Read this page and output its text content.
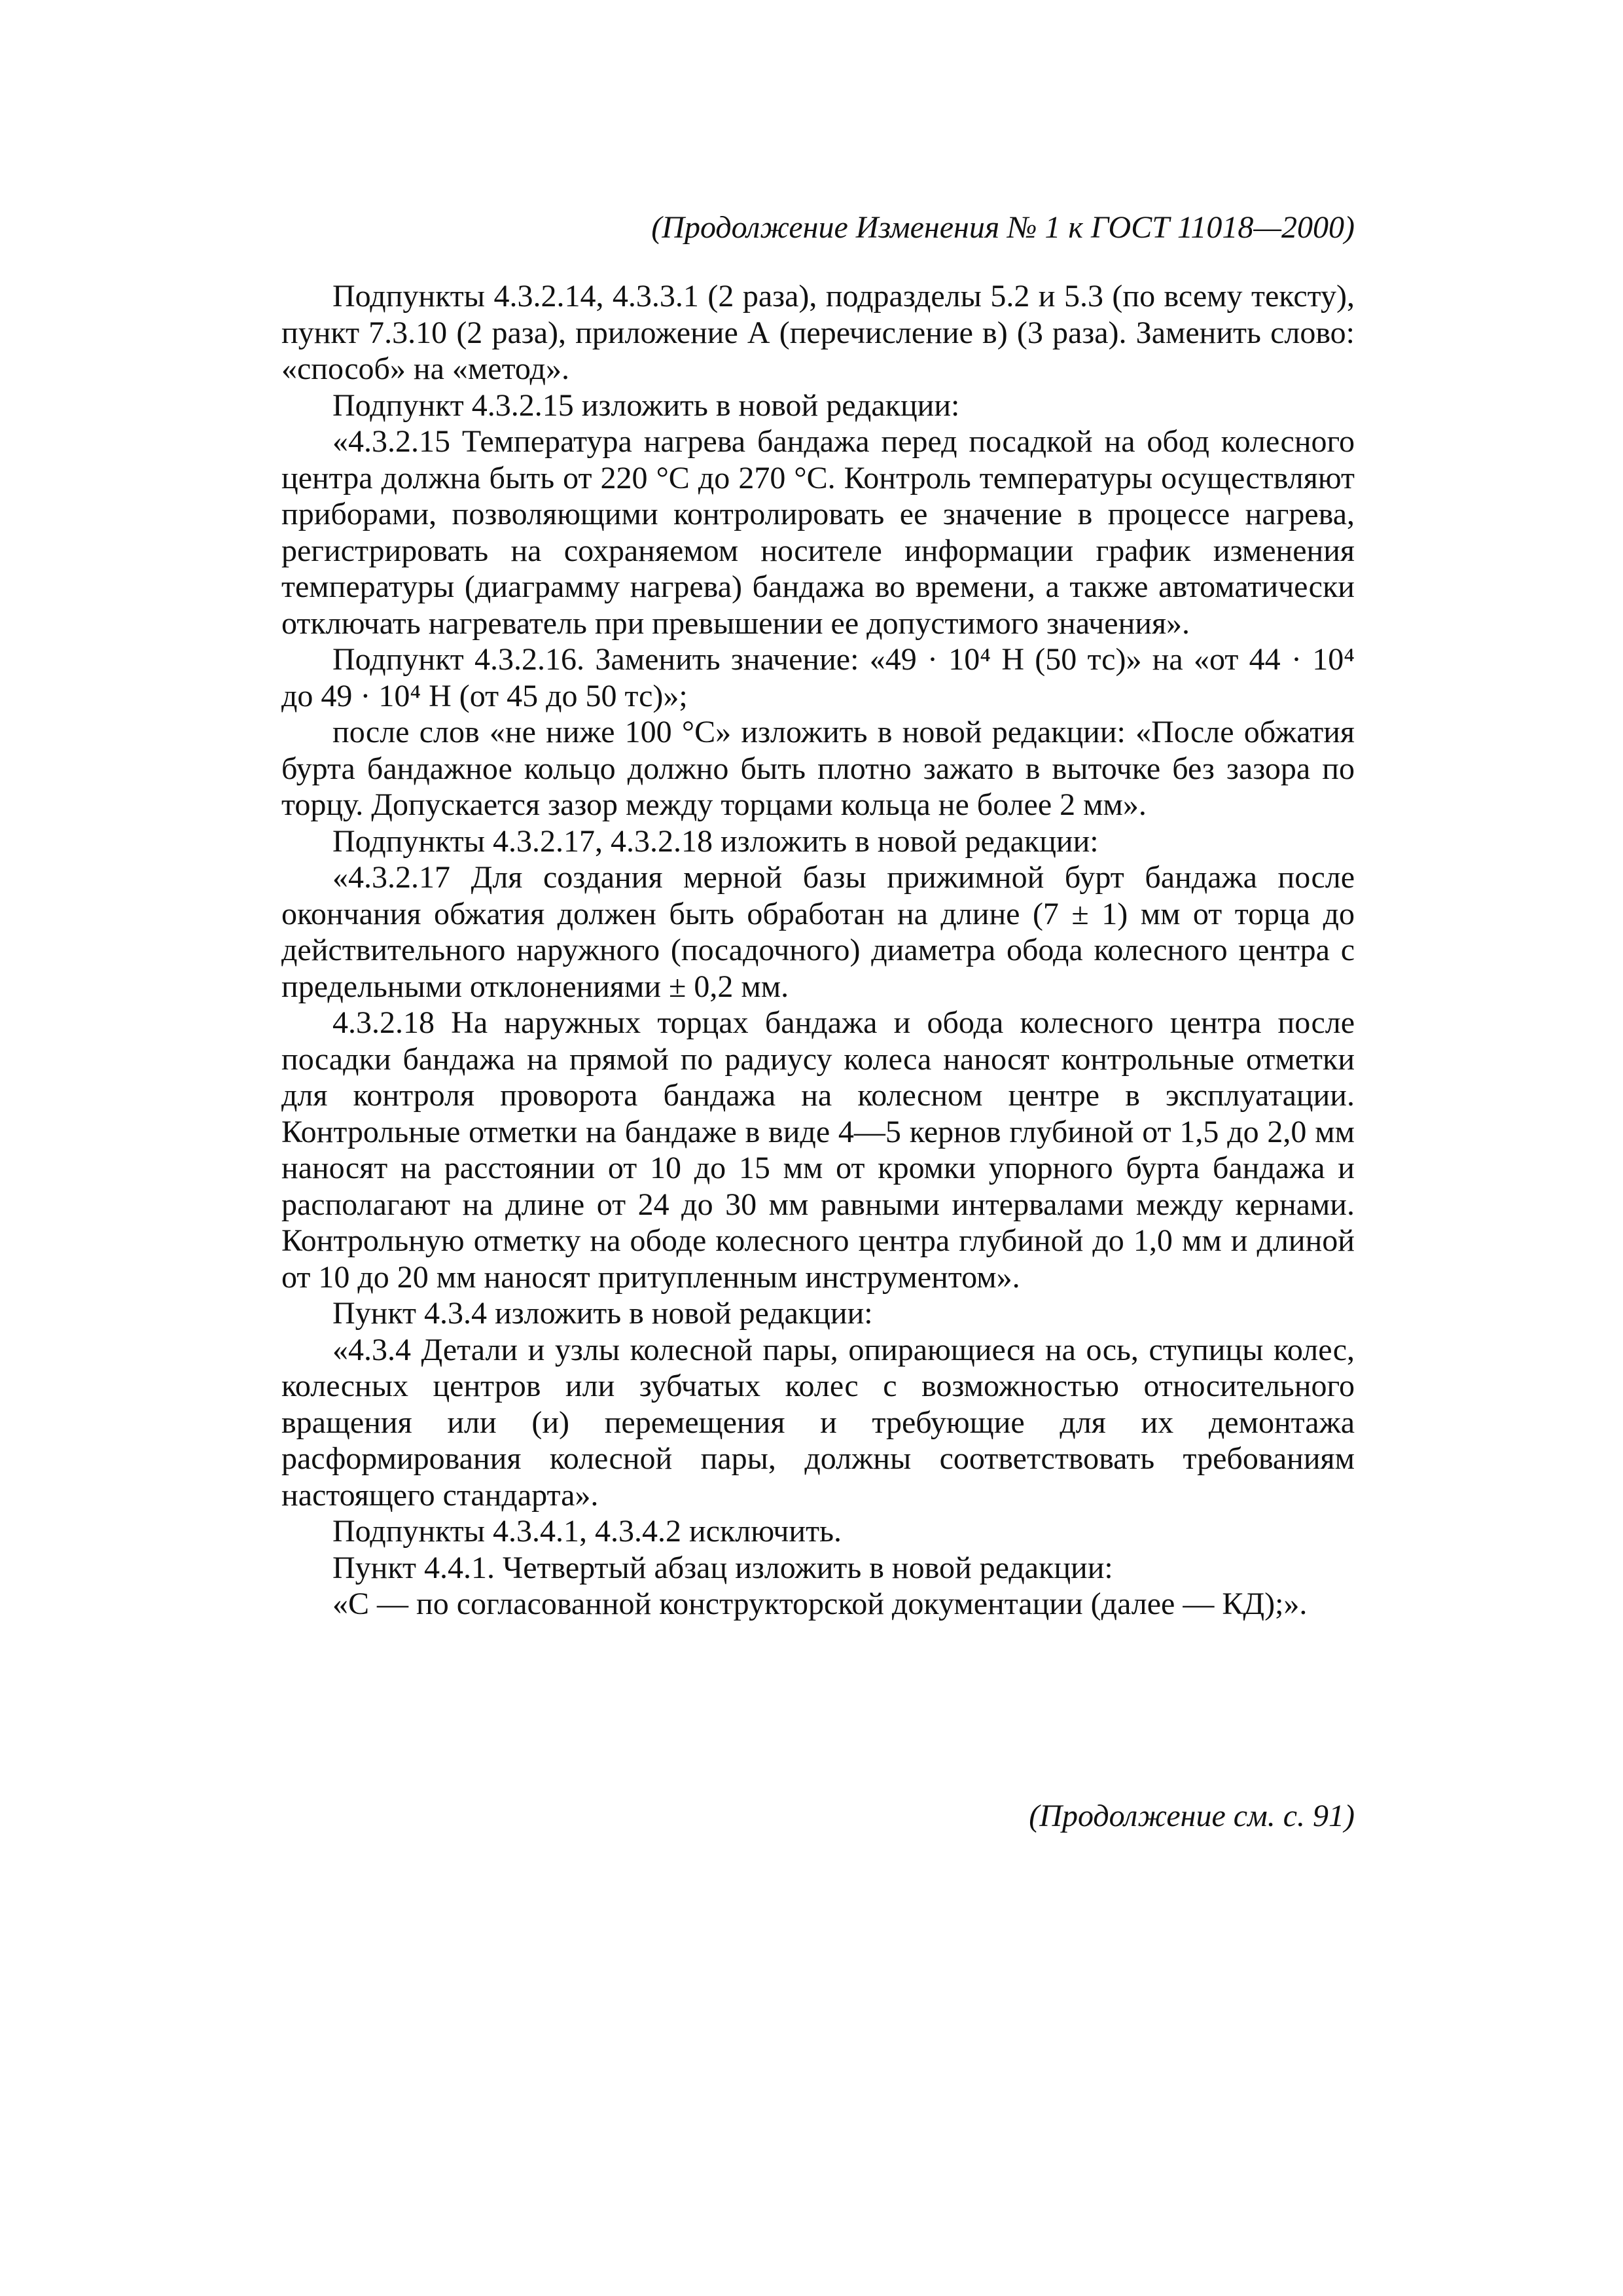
(Продолжение Изменения № 1 к ГОСТ 11018—2000)

Подпункты 4.3.2.14, 4.3.3.1 (2 раза), подразделы 5.2 и 5.3 (по всему тексту), пункт 7.3.10 (2 раза), приложение А (перечисление в) (3 раза). Заменить слово: «способ» на «метод».

Подпункт 4.3.2.15 изложить в новой редакции:

«4.3.2.15 Температура нагрева бандажа перед посадкой на обод колесного центра должна быть от 220 °С до 270 °С. Контроль температуры осуществляют приборами, позволяющими контролировать ее значение в процессе нагрева, регистрировать на сохраняемом носителе информации график изменения температуры (диаграмму нагрева) бандажа во времени, а также автоматически отключать нагреватель при превышении ее допустимого значения».

Подпункт 4.3.2.16. Заменить значение: «49 · 10⁴ Н (50 тс)» на «от 44 · 10⁴ до 49 · 10⁴ Н (от 45 до 50 тс)»;

после слов «не ниже 100 °С» изложить в новой редакции: «После обжатия бурта бандажное кольцо должно быть плотно зажато в выточке без зазора по торцу. Допускается зазор между торцами кольца не более 2 мм».

Подпункты 4.3.2.17, 4.3.2.18 изложить в новой редакции:

«4.3.2.17 Для создания мерной базы прижимной бурт бандажа после окончания обжатия должен быть обработан на длине (7 ± 1) мм от торца до действительного наружного (посадочного) диаметра обода колесного центра с предельными отклонениями ± 0,2 мм.

4.3.2.18 На наружных торцах бандажа и обода колесного центра после посадки бандажа на прямой по радиусу колеса наносят контрольные отметки для контроля проворота бандажа на колесном центре в эксплуатации. Контрольные отметки на бандаже в виде 4—5 кернов глубиной от 1,5 до 2,0 мм наносят на расстоянии от 10 до 15 мм от кромки упорного бурта бандажа и располагают на длине от 24 до 30 мм равными интервалами между кернами. Контрольную отметку на ободе колесного центра глубиной до 1,0 мм и длиной от 10 до 20 мм наносят притупленным инструментом».

Пункт 4.3.4 изложить в новой редакции:

«4.3.4 Детали и узлы колесной пары, опирающиеся на ось, ступицы колес, колесных центров или зубчатых колес с возможностью относительного вращения или (и) перемещения и требующие для их демонтажа расформирования колесной пары, должны соответствовать требованиям настоящего стандарта».

Подпункты 4.3.4.1, 4.3.4.2 исключить.

Пункт 4.4.1. Четвертый абзац изложить в новой редакции:

«С — по согласованной конструкторской документации (далее — КД);».

(Продолжение см. с. 91)
